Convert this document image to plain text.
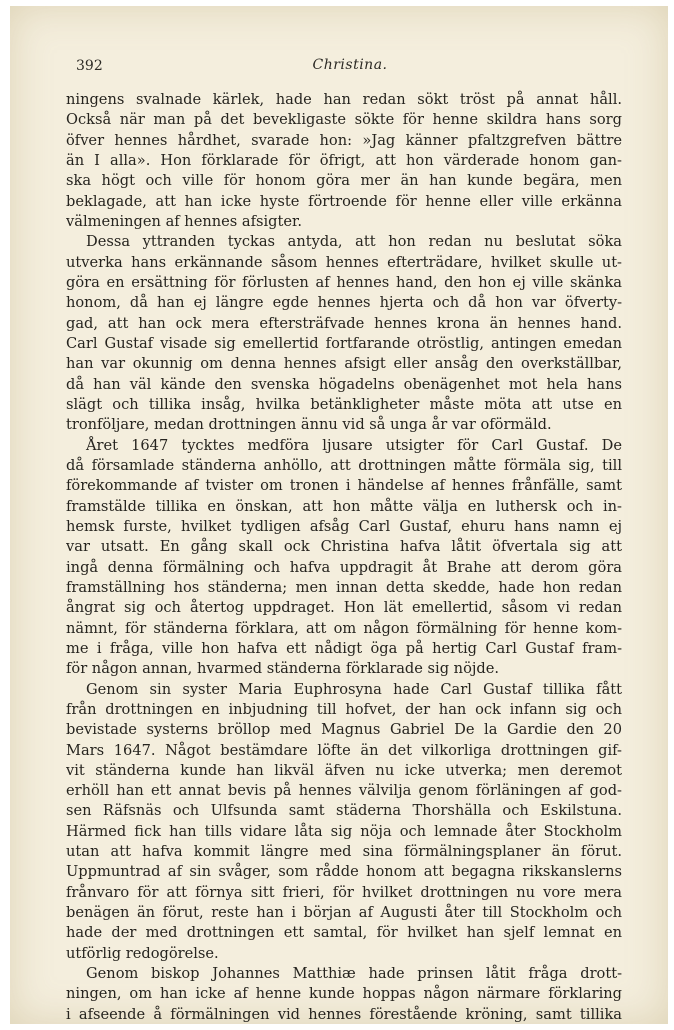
392	Christina.
ningens svalnade kärlek, hade han redan sökt tröst på annat håll.
Också när man på det bevekligaste sökte för henne skildra hans sorg
öfver hennes hårdhet, svarade hon: »Jag känner pfaltzgrefven bättre
än I alla». Hon förklarade för öfrigt, att hon värderade honom gan-
ska högt och ville för honom göra mer än han kunde begära, men
beklagade, att han icke hyste förtroende för henne eller ville erkänna
välmeningen af hennes afsigter.
Dessa yttranden tyckas antyda, att hon redan nu beslutat söka
utverka hans erkännande såsom hennes efterträdare, hvilket skulle ut-
göra en ersättning för förlusten af hennes hand, den hon ej ville skänka
honom, då han ej längre egde hennes hjerta och då hon var öfverty-
gad, att han ock mera eftersträfvade hennes krona än hennes hand.
Carl Gustaf visade sig emellertid fortfarande otröstlig, antingen emedan
han var okunnig om denna hennes afsigt eller ansåg den overkställbar,
då han väl kände den svenska högadelns obenägenhet mot hela hans
slägt och tillika insåg, hvilka betänkligheter måste möta att utse en
tronföljare, medan drottningen ännu vid så unga år var oförmäld.
Året 1647 tycktes medföra ljusare utsigter för Carl Gustaf. De
då församlade ständerna anhöllo, att drottningen måtte förmäla sig, till
förekommande af tvister om tronen i händelse af hennes frånfälle, samt
framstälde tillika en önskan, att hon måtte välja en luthersk och in-
hemsk furste, hvilket tydligen afsåg Carl Gustaf, ehuru hans namn ej
var utsatt. En gång skall ock Christina hafva låtit öfvertala sig att
ingå denna förmälning och hafva uppdragit åt Brahe att derom göra
framställning hos ständerna; men innan detta skedde, hade hon redan
ångrat sig och återtog uppdraget. Hon lät emellertid, såsom vi redan
nämnt, för ständerna förklara, att om någon förmälning för henne kom-
me i fråga, ville hon hafva ett nådigt öga på hertig Carl Gustaf fram-
för någon annan, hvarmed ständerna förklarade sig nöjde.
Genom sin syster Maria Euphrosyna hade Carl Gustaf tillika fått
från drottningen en inbjudning till hofvet, der han ock infann sig och
bevistade systerns bröllop med Magnus Gabriel De la Gardie den 20
Mars 1647. Något bestämdare löfte än det vilkorliga drottningen gif-
vit ständerna kunde han likväl äfven nu icke utverka; men deremot
erhöll han ett annat bevis på hennes välvilja genom förläningen af god-
sen Räfsnäs och Ulfsunda samt städerna Thorshälla och Eskilstuna.
Härmed fick han tills vidare låta sig nöja och lemnade åter Stockholm
utan att hafva kommit längre med sina förmälningsplaner än förut.
Uppmuntrad af sin svåger, som rådde honom att begagna rikskanslerns
frånvaro för att förnya sitt frieri, för hvilket drottningen nu vore mera
benägen än förut, reste han i början af Augusti åter till Stockholm och
hade der med drottningen ett samtal, för hvilket han sjelf lemnat en
utförlig redogörelse.
Genom biskop Johannes Matthiæ hade prinsen låtit fråga drott-
ningen, om han icke af henne kunde hoppas någon närmare förklaring
i afseende å förmälningen vid hennes förestående kröning, samt tillika
